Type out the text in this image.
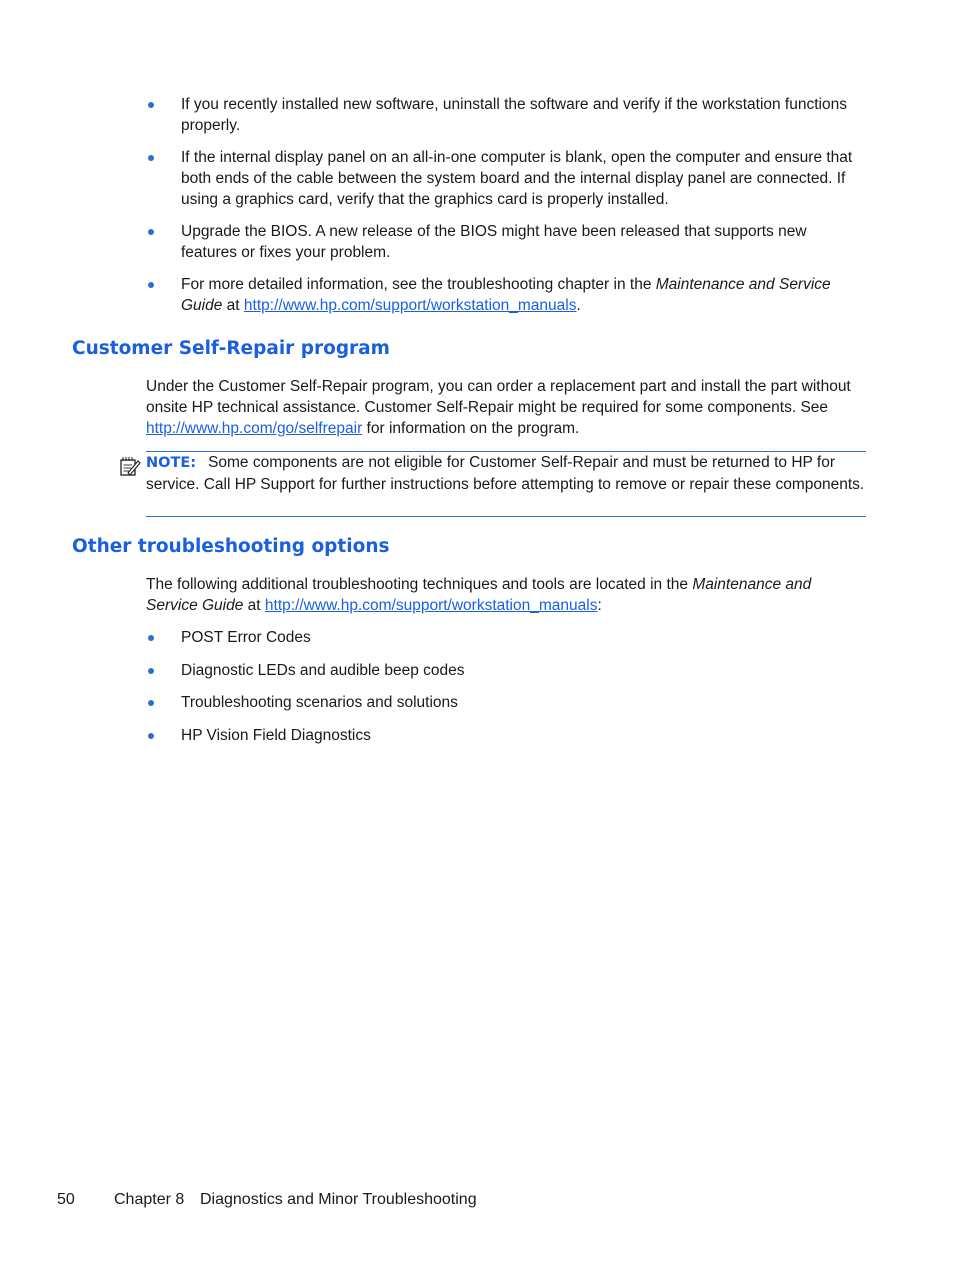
If you recently installed new software, uninstall the software and verify if the workstation functions properly.
If the internal display panel on an all-in-one computer is blank, open the computer and ensure that both ends of the cable between the system board and the internal display panel are connected. If using a graphics card, verify that the graphics card is properly installed.
Upgrade the BIOS. A new release of the BIOS might have been released that supports new features or fixes your problem.
For more detailed information, see the troubleshooting chapter in the Maintenance and Service Guide at http://www.hp.com/support/workstation_manuals.
Customer Self-Repair program

Under the Customer Self-Repair program, you can order a replacement part and install the part without onsite HP technical assistance. Customer Self-Repair might be required for some components. See http://www.hp.com/go/selfrepair for information on the program.

NOTE: Some components are not eligible for Customer Self-Repair and must be returned to HP for service. Call HP Support for further instructions before attempting to remove or repair these components.
Other troubleshooting options

The following additional troubleshooting techniques and tools are located in the Maintenance and Service Guide at http://www.hp.com/support/workstation_manuals:

POST Error Codes
Diagnostic LEDs and audible beep codes
Troubleshooting scenarios and solutions
HP Vision Field Diagnostics
50 Chapter 8 Diagnostics and Minor Troubleshooting
